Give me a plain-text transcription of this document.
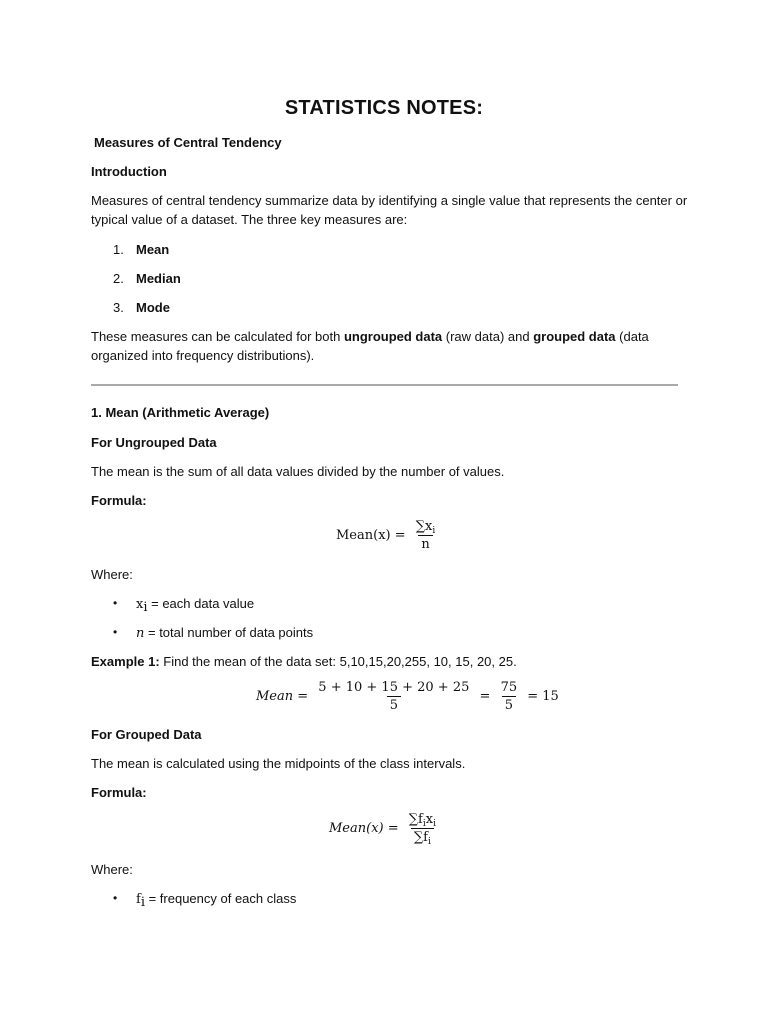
STATISTICS NOTES:
Measures of Central Tendency
Introduction

Measures of central tendency summarize data by identifying a single value that represents the center or typical value of a dataset. The three key measures are:

1. Mean
2. Median
3. Mode

These measures can be calculated for both ungrouped data (raw data) and grouped data (data organized into frequency distributions).

1. Mean (Arithmetic Average)
For Ungrouped Data
The mean is the sum of all data values divided by the number of values.
Formula:
Mean(x) = $\frac{\sum x_i}{n}$
Where:
• $x_i$ = each data value
• n = total number of data points
Example 1: Find the mean of the data set: 5,10,15,20,255, 10, 15, 20, 25.
Mean = $\frac{5 + 10 + 15 + 20 + 25}{5} = \frac{75}{5} = 15$
For Grouped Data
The mean is calculated using the midpoints of the class intervals.
Formula:
Mean(x) = $\frac{\sum f_ix_i}{\sum f_i}$
Where:
• $f_i$ = frequency of each class
